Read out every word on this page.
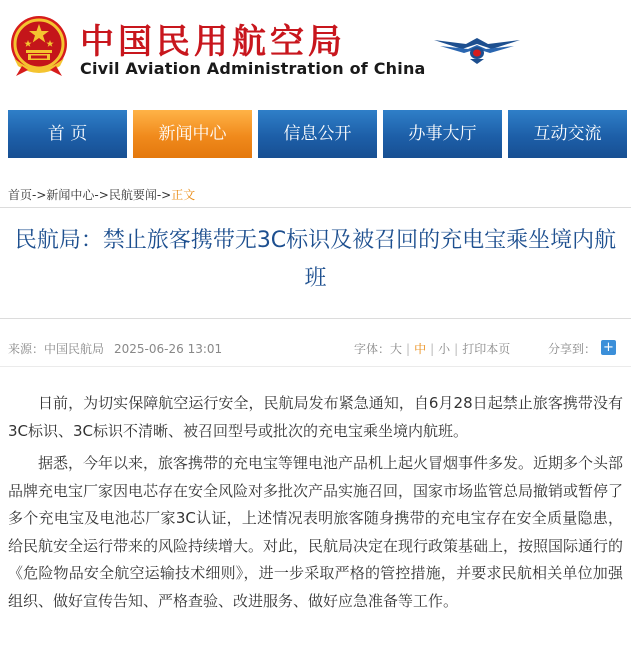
中国民用航空局
Civil Aviation Administration of China
首 页	新闻中心	信息公开	办事大厅	互动交流
首页->新闻中心->民航要闻->正文
民航局：禁止旅客携带无3C标识及被召回的充电宝乘坐境内航班
来源：中国民航局 2025-06-26 13:01	字体：大 | 中 | 小 | 打印本页	分享到： +

日前，为切实保障航空运行安全，民航局发布紧急通知，自6月28日起禁止旅客携带没有3C标识、3C标识不清晰、被召回型号或批次的充电宝乘坐境内航班。

据悉，今年以来，旅客携带的充电宝等锂电池产品机上起火冒烟事件多发。近期多个头部品牌充电宝厂家因电芯存在安全风险对多批次产品实施召回，国家市场监管总局撤销或暂停了多个充电宝及电池芯厂家3C认证，上述情况表明旅客随身携带的充电宝存在安全质量隐患，给民航安全运行带来的风险持续增大。对此，民航局决定在现行政策基础上，按照国际通行的《危险物品安全航空运输技术细则》，进一步采取严格的管控措施，并要求民航相关单位加强组织、做好宣传告知、严格查验、改进服务、做好应急准备等工作。
